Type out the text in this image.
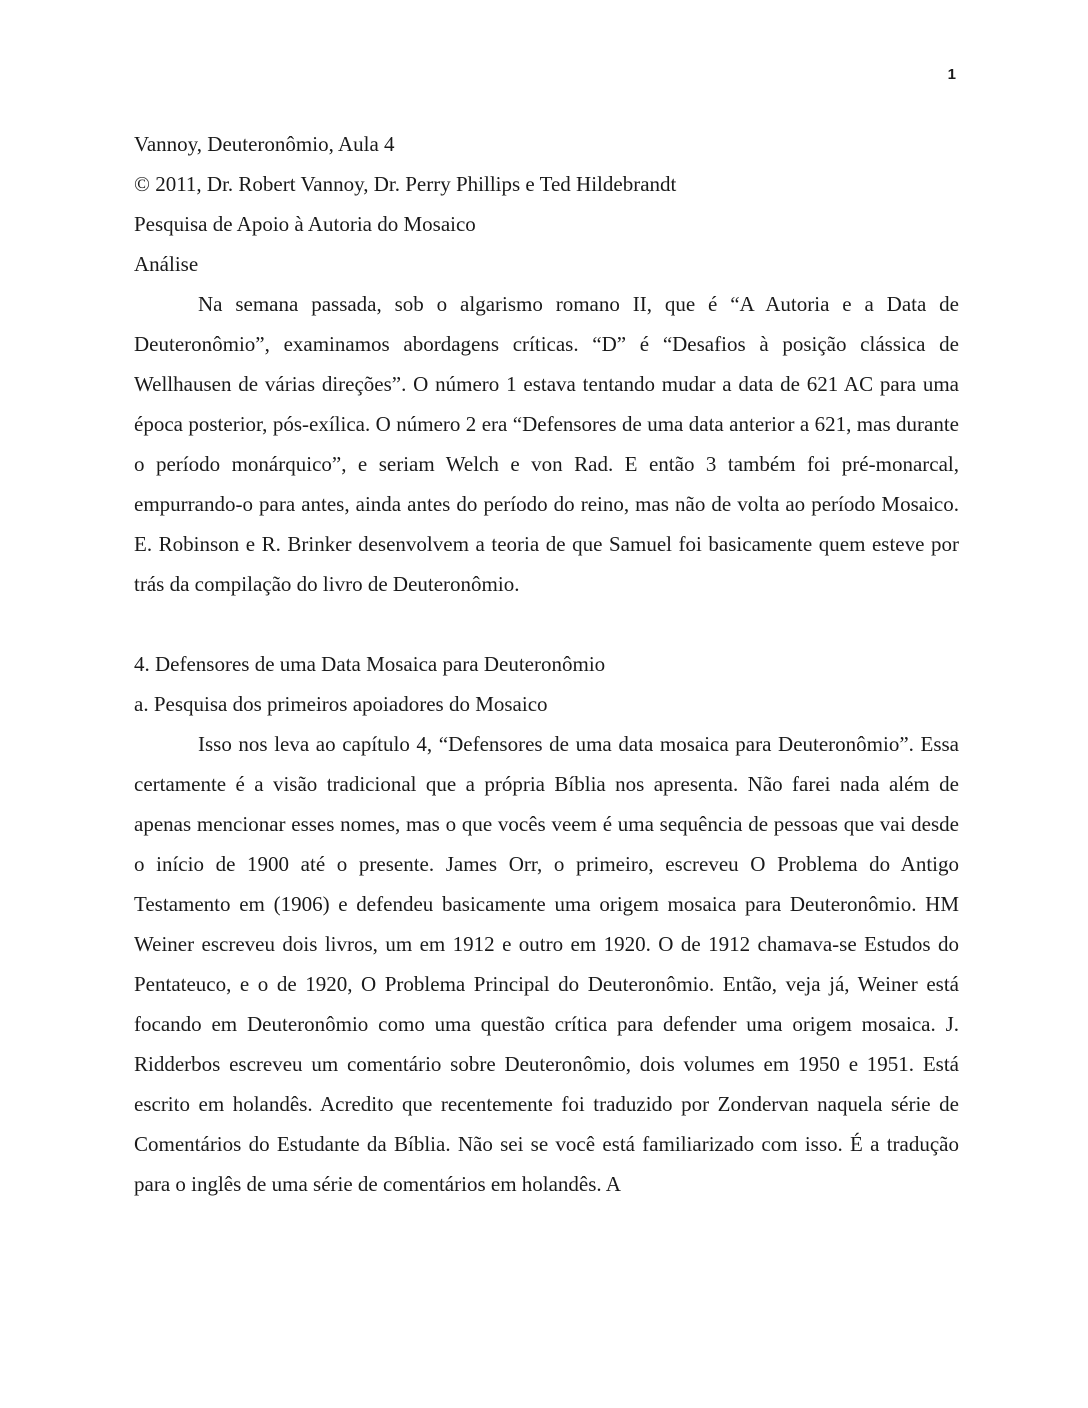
1

Vannoy, Deuteronômio, Aula 4

© 2011, Dr. Robert Vannoy, Dr. Perry Phillips e Ted Hildebrandt

Pesquisa de Apoio à Autoria do Mosaico

Análise

Na semana passada, sob o algarismo romano II, que é “A Autoria e a Data de Deuteronômio”, examinamos abordagens críticas. “D” é “Desafios à posição clássica de Wellhausen de várias direções”. O número 1 estava tentando mudar a data de 621 AC para uma época posterior, pós-exílica. O número 2 era “Defensores de uma data anterior a 621, mas durante o período monárquico”, e seriam Welch e von Rad. E então 3 também foi pré-monarcal, empurrando-o para antes, ainda antes do período do reino, mas não de volta ao período Mosaico. E. Robinson e R. Brinker desenvolvem a teoria de que Samuel foi basicamente quem esteve por trás da compilação do livro de Deuteronômio.

4. Defensores de uma Data Mosaica para Deuteronômio

a. Pesquisa dos primeiros apoiadores do Mosaico

Isso nos leva ao capítulo 4, “Defensores de uma data mosaica para Deuteronômio”. Essa certamente é a visão tradicional que a própria Bíblia nos apresenta. Não farei nada além de apenas mencionar esses nomes, mas o que vocês veem é uma sequência de pessoas que vai desde o início de 1900 até o presente. James Orr, o primeiro, escreveu O Problema do Antigo Testamento em (1906) e defendeu basicamente uma origem mosaica para Deuteronômio. HM Weiner escreveu dois livros, um em 1912 e outro em 1920. O de 1912 chamava-se Estudos do Pentateuco, e o de 1920, O Problema Principal do Deuteronômio. Então, veja já, Weiner está focando em Deuteronômio como uma questão crítica para defender uma origem mosaica. J. Ridderbos escreveu um comentário sobre Deuteronômio, dois volumes em 1950 e 1951. Está escrito em holandês. Acredito que recentemente foi traduzido por Zondervan naquela série de Comentários do Estudante da Bíblia. Não sei se você está familiarizado com isso. É a tradução para o inglês de uma série de comentários em holandês. A
